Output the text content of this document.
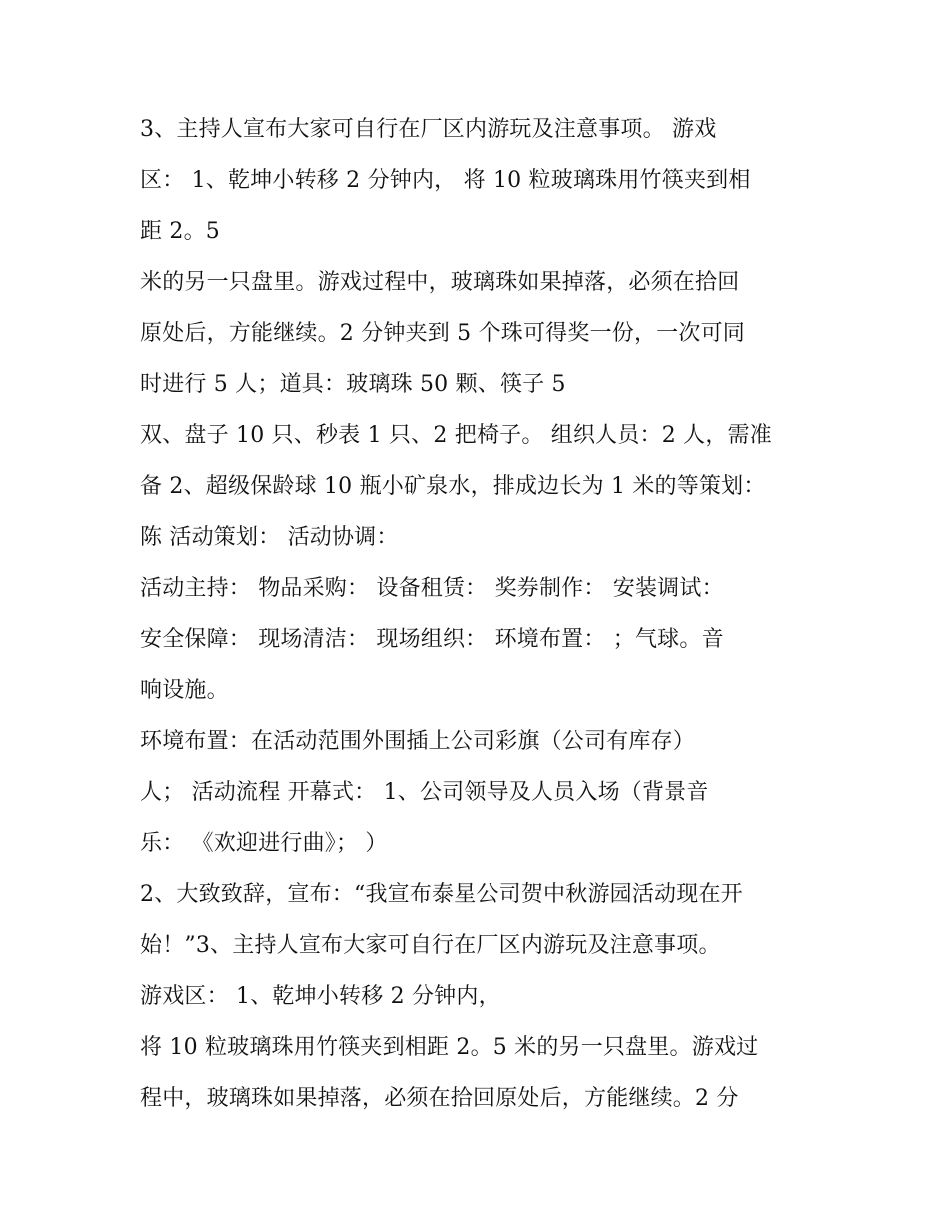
3、主持人宣布大家可自行在厂区内游玩及注意事项。 游戏
区： 1、乾坤小转移 2 分钟内， 将 10 粒玻璃珠用竹筷夹到相
距 2。5
米的另一只盘里。游戏过程中，玻璃珠如果掉落，必须在拾回
原处后，方能继续。2 分钟夹到 5 个珠可得奖一份，一次可同
时进行 5 人；道具：玻璃珠 50 颗、筷子 5
双、盘子 10 只、秒表 1 只、2 把椅子。 组织人员：2 人，需准
备 2、超级保龄球 10 瓶小矿泉水，排成边长为 1 米的等策划：
陈 活动策划： 活动协调：
活动主持： 物品采购： 设备租赁： 奖券制作： 安装调试：
安全保障： 现场清洁： 现场组织： 环境布置： ；气球。音
响设施。
环境布置：在活动范围外围插上公司彩旗（公司有库存）
人； 活动流程 开幕式： 1、公司领导及人员入场（背景音
乐： 《欢迎进行曲》； ）
2、大致致辞，宣布：“我宣布泰星公司贺中秋游园活动现在开
始！”3、主持人宣布大家可自行在厂区内游玩及注意事项。
游戏区： 1、乾坤小转移 2 分钟内，
将 10 粒玻璃珠用竹筷夹到相距 2。5 米的另一只盘里。游戏过
程中，玻璃珠如果掉落，必须在拾回原处后，方能继续。2 分
